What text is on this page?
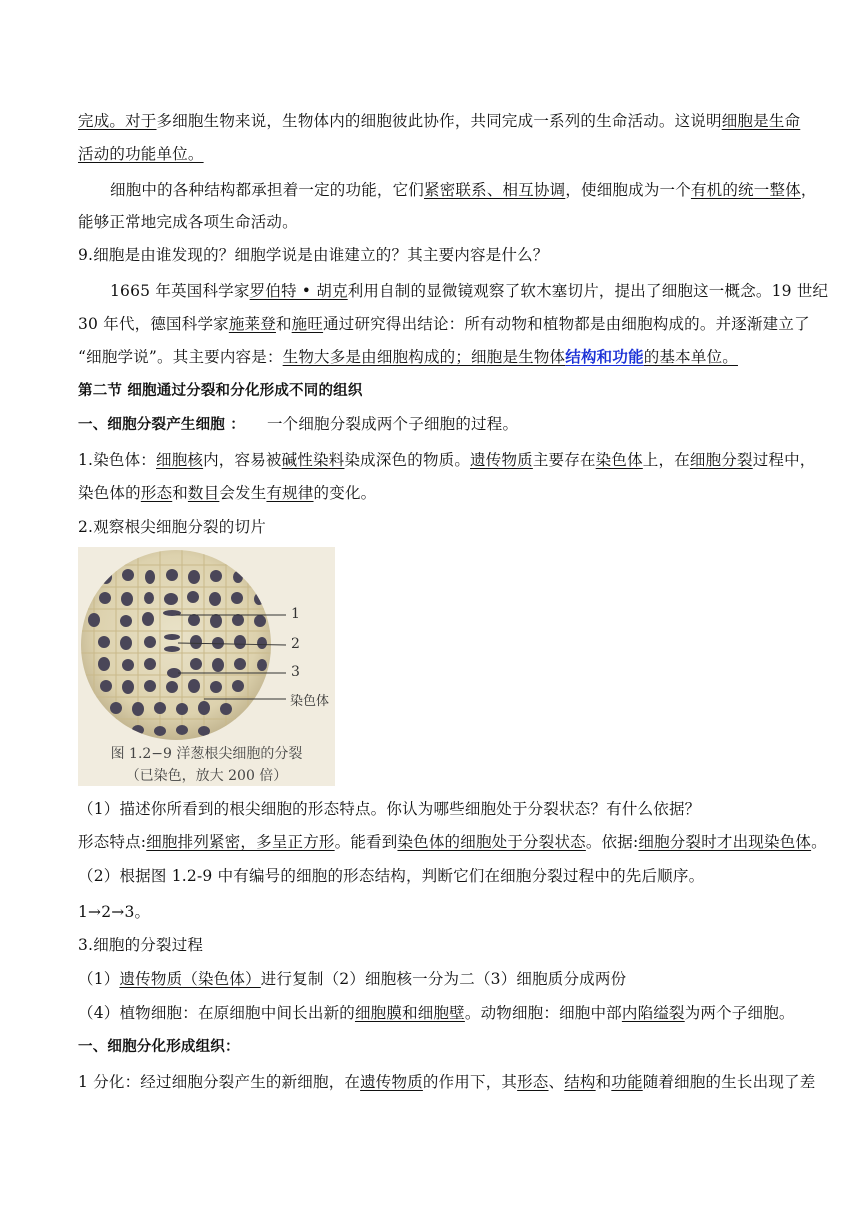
完成。对于多细胞生物来说，生物体内的细胞彼此协作，共同完成一系列的生命活动。这说明细胞是生命
活动的功能单位。
细胞中的各种结构都承担着一定的功能，它们紧密联系、相互协调，使细胞成为一个有机的统一整体，
能够正常地完成各项生命活动。
9.细胞是由谁发现的？细胞学说是由谁建立的？其主要内容是什么？
1665 年英国科学家罗伯特 • 胡克利用自制的显微镜观察了软木塞切片，提出了细胞这一概念。19 世纪
30 年代，德国科学家施莱登和施旺通过研究得出结论：所有动物和植物都是由细胞构成的。并逐渐建立了
“细胞学说”。其主要内容是：生物大多是由细胞构成的；细胞是生物体结构和功能的基本单位。
第二节 细胞通过分裂和分化形成不同的组织
一、细胞分裂产生细胞 ： 一个细胞分裂成两个子细胞的过程。
1.染色体：细胞核内，容易被碱性染料染成深色的物质。遗传物质主要存在染色体上，在细胞分裂过程中，
染色体的形态和数目会发生有规律的变化。
2.观察根尖细胞分裂的切片
1
2
3
染色体
图 1.2−9 洋葱根尖细胞的分裂
（已染色，放大 200 倍）
（1）描述你所看到的根尖细胞的形态特点。你认为哪些细胞处于分裂状态？有什么依据？
形态特点:细胞排列紧密，多呈正方形。能看到染色体的细胞处于分裂状态。依据:细胞分裂时才出现染色体。
（2）根据图 1.2-9 中有编号的细胞的形态结构，判断它们在细胞分裂过程中的先后顺序。
1→2→3。
3.细胞的分裂过程
（1）遗传物质（染色体）进行复制（2）细胞核一分为二（3）细胞质分成两份
（4）植物细胞：在原细胞中间长出新的细胞膜和细胞壁。动物细胞：细胞中部内陷缢裂为两个子细胞。
一、细胞分化形成组织：
1 分化：经过细胞分裂产生的新细胞，在遗传物质的作用下，其形态、结构和功能随着细胞的生长出现了差
